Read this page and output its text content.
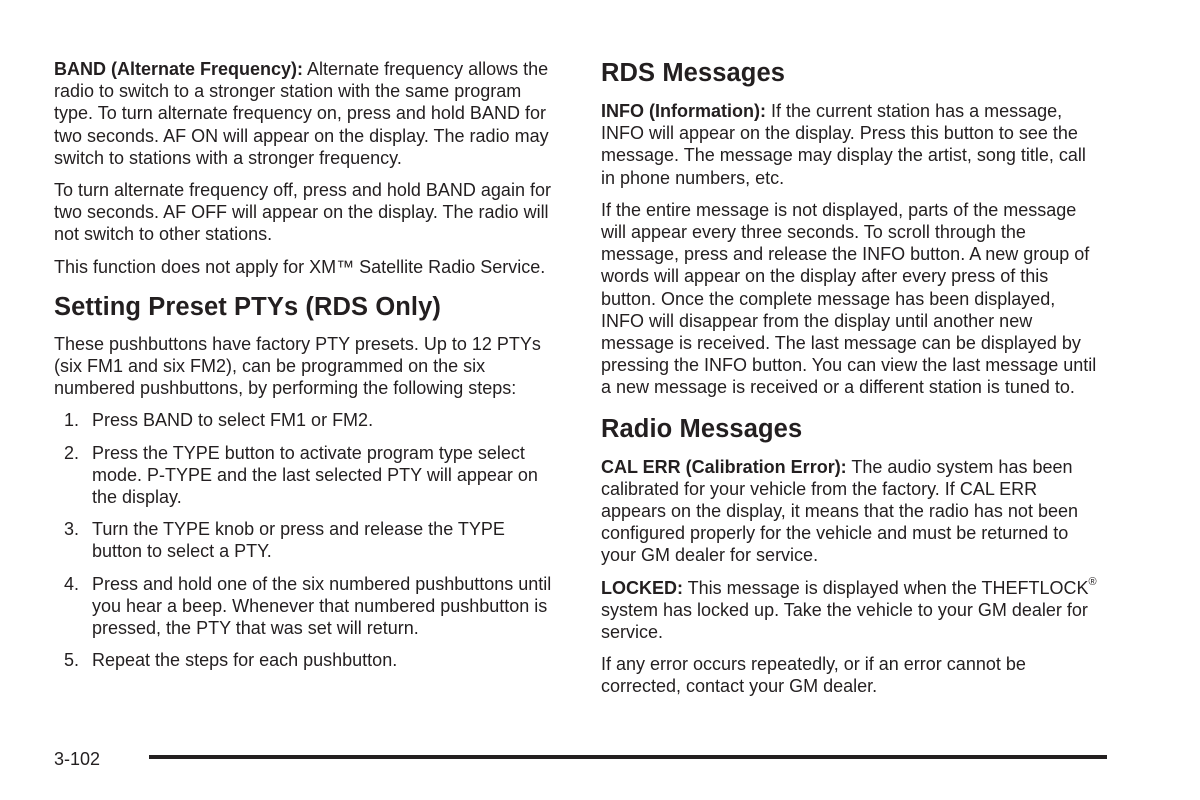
BAND (Alternate Frequency): Alternate frequency allows the radio to switch to a stronger station with the same program type. To turn alternate frequency on, press and hold BAND for two seconds. AF ON will appear on the display. The radio may switch to stations with a stronger frequency.

To turn alternate frequency off, press and hold BAND again for two seconds. AF OFF will appear on the display. The radio will not switch to other stations.

This function does not apply for XM™ Satellite Radio Service.

Setting Preset PTYs (RDS Only)

These pushbuttons have factory PTY presets. Up to 12 PTYs (six FM1 and six FM2), can be programmed on the six numbered pushbuttons, by performing the following steps:

1. Press BAND to select FM1 or FM2.
2. Press the TYPE button to activate program type select mode. P-TYPE and the last selected PTY will appear on the display.
3. Turn the TYPE knob or press and release the TYPE button to select a PTY.
4. Press and hold one of the six numbered pushbuttons until you hear a beep. Whenever that numbered pushbutton is pressed, the PTY that was set will return.
5. Repeat the steps for each pushbutton.
RDS Messages

INFO (Information): If the current station has a message, INFO will appear on the display. Press this button to see the message. The message may display the artist, song title, call in phone numbers, etc.

If the entire message is not displayed, parts of the message will appear every three seconds. To scroll through the message, press and release the INFO button. A new group of words will appear on the display after every press of this button. Once the complete message has been displayed, INFO will disappear from the display until another new message is received. The last message can be displayed by pressing the INFO button. You can view the last message until a new message is received or a different station is tuned to.

Radio Messages

CAL ERR (Calibration Error): The audio system has been calibrated for your vehicle from the factory. If CAL ERR appears on the display, it means that the radio has not been configured properly for the vehicle and must be returned to your GM dealer for service.

LOCKED: This message is displayed when the THEFTLOCK® system has locked up. Take the vehicle to your GM dealer for service.

If any error occurs repeatedly, or if an error cannot be corrected, contact your GM dealer.

3-102
